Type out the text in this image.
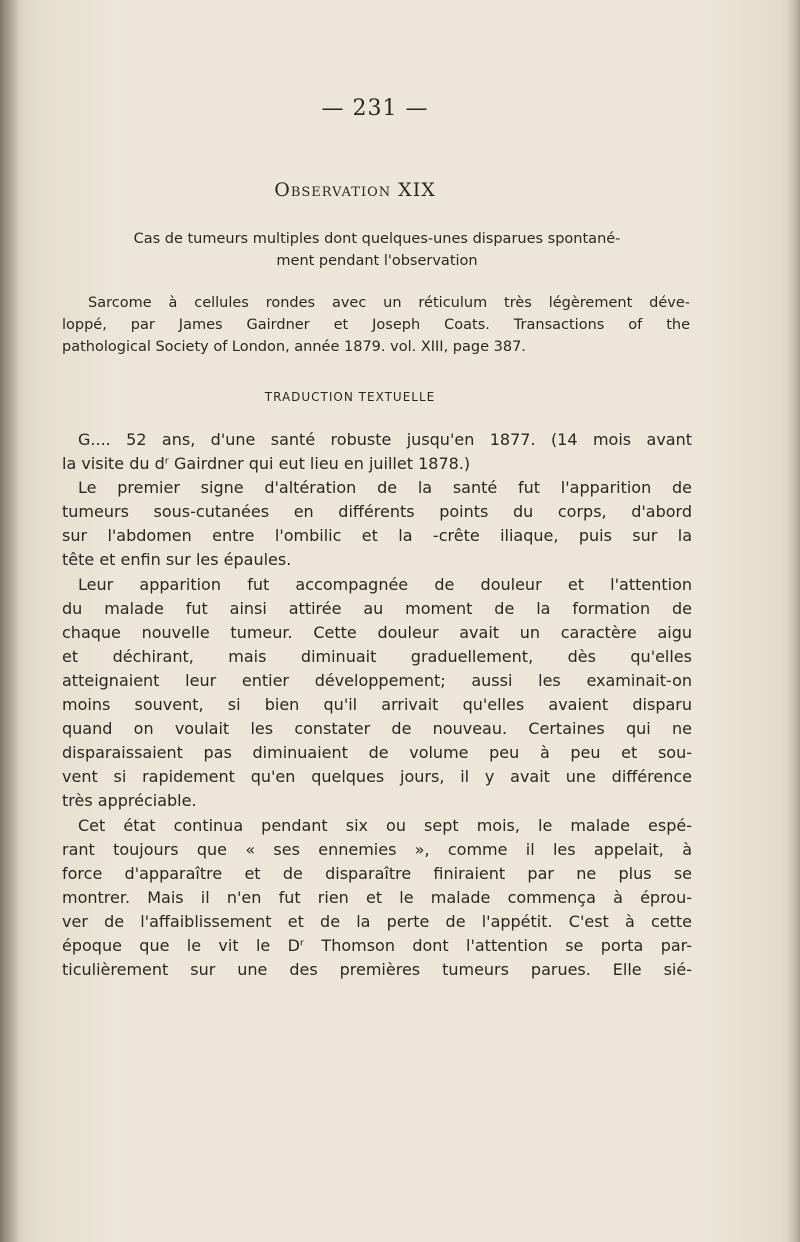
— 231 —
Observation XIX
Cas de tumeurs multiples dont quelques-unes disparues spontané-
ment pendant l'observation
Sarcome à cellules rondes avec un réticulum très légèrement déve-
loppé, par James Gairdner et Joseph Coats. Transactions of the
pathological Society of London, année 1879. vol. XIII, page 387.
TRADUCTION TEXTUELLE
G.... 52 ans, d'une santé robuste jusqu'en 1877. (14 mois avant
la visite du dʳ Gairdner qui eut lieu en juillet 1878.)
Le premier signe d'altération de la santé fut l'apparition de
tumeurs sous-cutanées en différents points du corps, d'abord
sur l'abdomen entre l'ombilic et la -crête iliaque, puis sur la
tête et enfin sur les épaules.
Leur apparition fut accompagnée de douleur et l'attention
du malade fut ainsi attirée au moment de la formation de
chaque nouvelle tumeur. Cette douleur avait un caractère aigu
et déchirant, mais diminuait graduellement, dès qu'elles
atteignaient leur entier développement; aussi les examinait-on
moins souvent, si bien qu'il arrivait qu'elles avaient disparu
quand on voulait les constater de nouveau. Certaines qui ne
disparaissaient pas diminuaient de volume peu à peu et sou-
vent si rapidement qu'en quelques jours, il y avait une différence
très appréciable.
Cet état continua pendant six ou sept mois, le malade espé-
rant toujours que « ses ennemies », comme il les appelait, à
force d'apparaître et de disparaître finiraient par ne plus se
montrer. Mais il n'en fut rien et le malade commença à éprou-
ver de l'affaiblissement et de la perte de l'appétit. C'est à cette
époque que le vit le Dʳ Thomson dont l'attention se porta par-
ticulièrement sur une des premières tumeurs parues. Elle sié-
